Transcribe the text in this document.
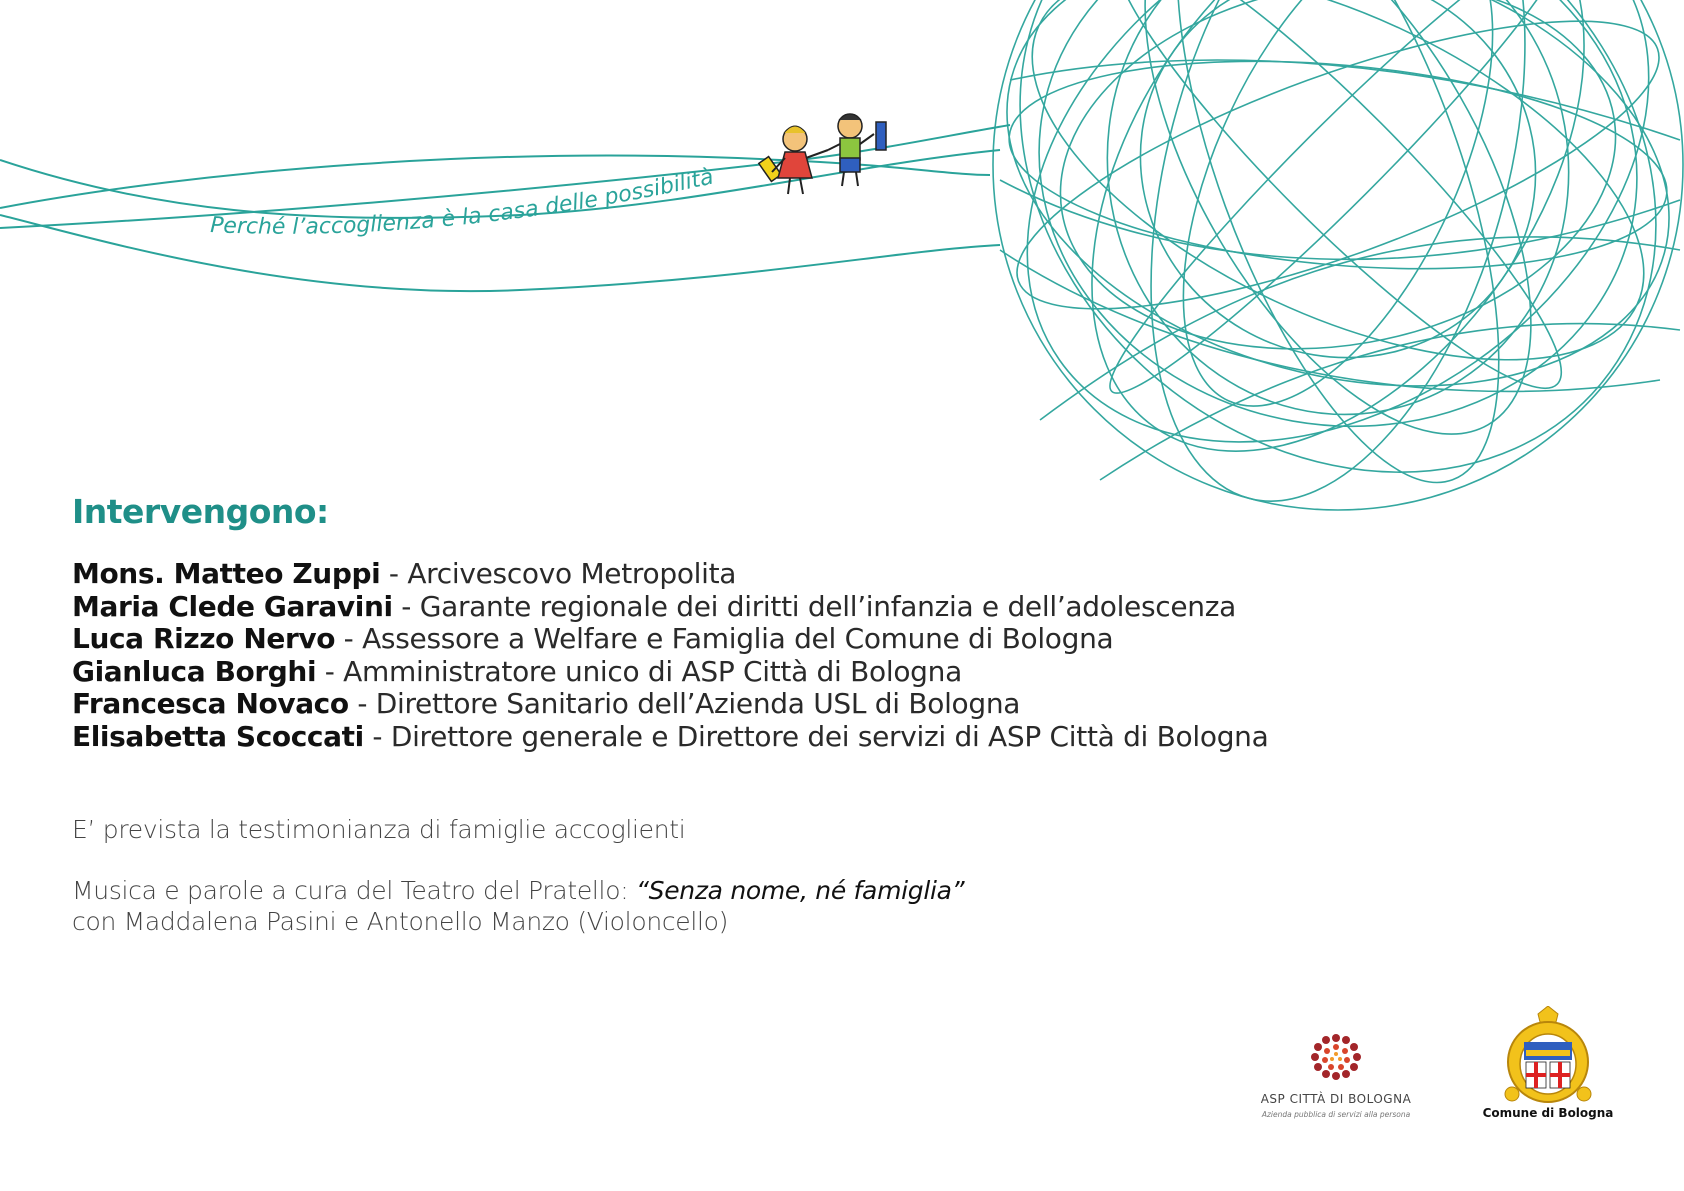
Perché l’accoglienza è la casa delle possibilità
Intervengono:
Mons. Matteo Zuppi - Arcivescovo Metropolita
Maria Clede Garavini - Garante regionale dei diritti dell’infanzia e dell’adolescenza
Luca Rizzo Nervo - Assessore a Welfare e Famiglia del Comune di Bologna
Gianluca Borghi - Amministratore unico di ASP Città di Bologna
Francesca Novaco - Direttore Sanitario dell’Azienda USL di Bologna
Elisabetta Scoccati - Direttore generale e Direttore dei servizi di ASP Città di Bologna

E’ prevista la testimonianza di famiglie accoglienti

Musica e parole a cura del Teatro del Pratello: “Senza nome, né famiglia”

con Maddalena Pasini e Antonello Manzo (Violoncello)

ASP CITTÀ DI BOLOGNA
Azienda pubblica di servizi alla persona	Comune di Bologna
